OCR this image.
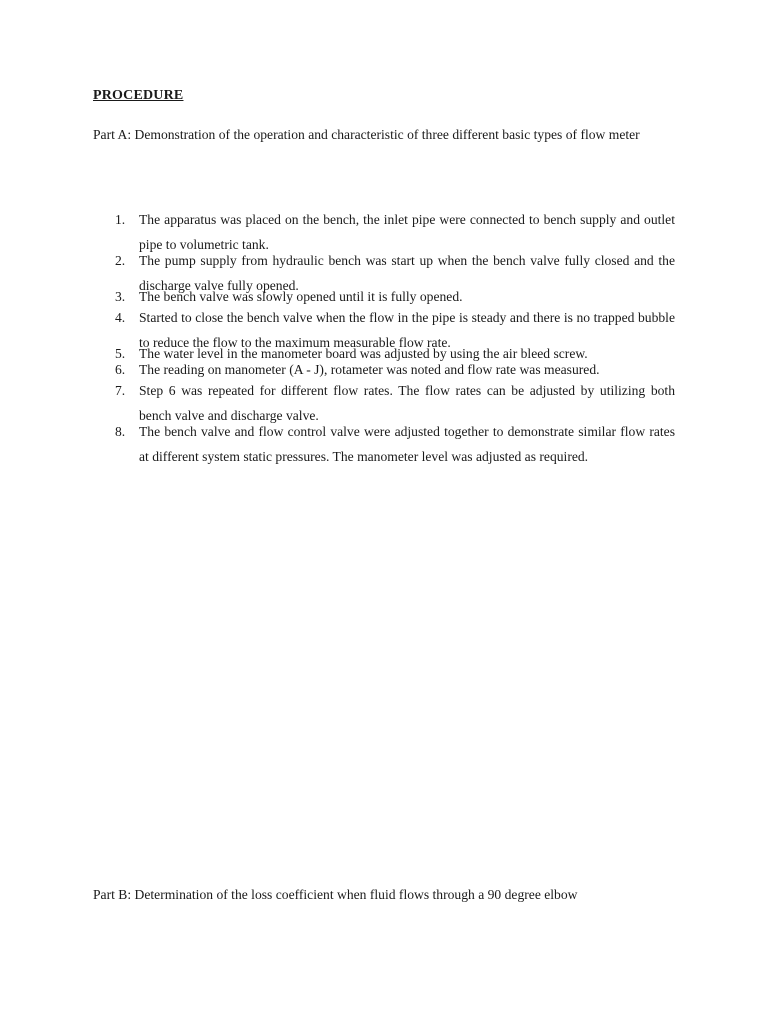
PROCEDURE
Part A: Demonstration of the operation and characteristic of three different basic types of flow meter
1. The apparatus was placed on the bench, the inlet pipe were connected to bench supply and outlet pipe to volumetric tank.
2. The pump supply from hydraulic bench was start up when the bench valve fully closed and the discharge valve fully opened.
3. The bench valve was slowly opened until it is fully opened.
4. Started to close the bench valve when the flow in the pipe is steady and there is no trapped bubble to reduce the flow to the maximum measurable flow rate.
5. The water level in the manometer board was adjusted by using the air bleed screw.
6. The reading on manometer (A - J), rotameter was noted and flow rate was measured.
7. Step 6 was repeated for different flow rates. The flow rates can be adjusted by utilizing both bench valve and discharge valve.
8. The bench valve and flow control valve were adjusted together to demonstrate similar flow rates at different system static pressures. The manometer level was adjusted as required.
Part B: Determination of the loss coefficient when fluid flows through a 90 degree elbow
